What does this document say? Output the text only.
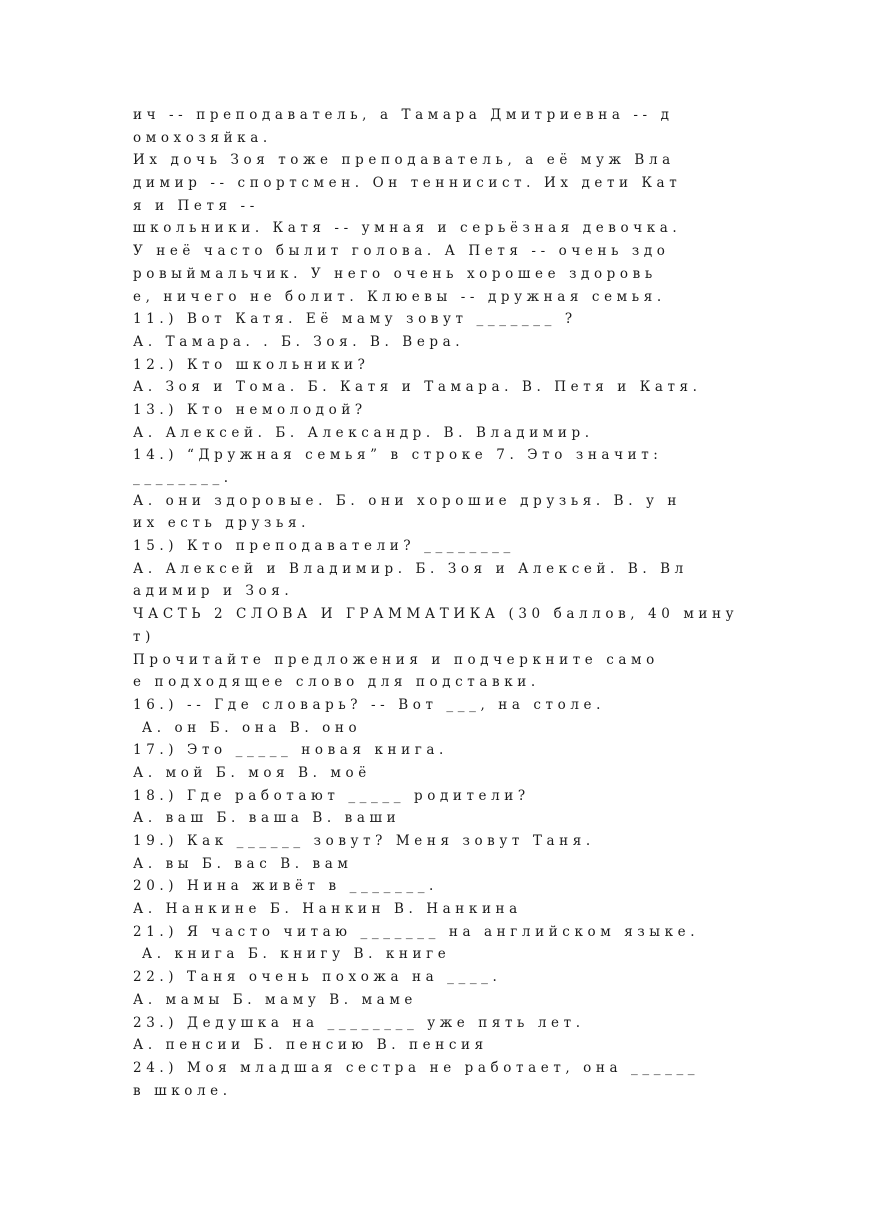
ич -- преподаватель, а Тамара Дмитриевна -- д
омохозяйка.
Их дочь Зоя тоже преподаватель, а её муж Вла
димир -- спортсмен. Он теннисист. Их дети Кат
я и Петя --
школьники. Катя -- умная и серьёзная девочка.
У неё часто былит голова. А Петя -- очень здо
ровыймальчик. У него очень хорошее здоровь
е, ничего не болит. Клюевы -- дружная семья.
11.) Вот Катя. Её маму зовут _______ ?
А. Тамара. . Б. Зоя. В. Вера.
12.) Кто школьники?
А. Зоя и Тома. Б. Катя и Тамара. В. Петя и Катя.
13.) Кто немолодой?
А. Алексей. Б. Александр. В. Владимир.
14.) “Дружная семья” в строке 7. Это значит:
________.
А. они здоровые. Б. они хорошие друзья. В. у н
их есть друзья.
15.) Кто преподаватели? ________
А. Алексей и Владимир. Б. Зоя и Алексей. В. Вл
адимир и Зоя.
ЧАСТЬ 2 СЛОВА И ГРАММАТИКА (30 баллов, 40 мину
т)
Прочитайте предложения и подчеркните само
е подходящее слово для подставки.
16.) -- Где словарь? -- Вот ___, на столе.
А. он Б. она В. оно
17.) Это _____ новая книга.
А. мой Б. моя В. моё
18.) Где работают _____ родители?
А. ваш Б. ваша В. ваши
19.) Как ______ зовут? Меня зовут Таня.
А. вы Б. вас В. вам
20.) Нина живёт в _______.
А. Нанкине Б. Нанкин В. Нанкина
21.) Я часто читаю _______ на английском языке.
А. книга Б. книгу В. книге
22.) Таня очень похожа на ____.
А. мамы Б. маму В. маме
23.) Дедушка на ________ уже пять лет.
А. пенсии Б. пенсию В. пенсия
24.) Моя младшая сестра не работает, она ______
в школе.
